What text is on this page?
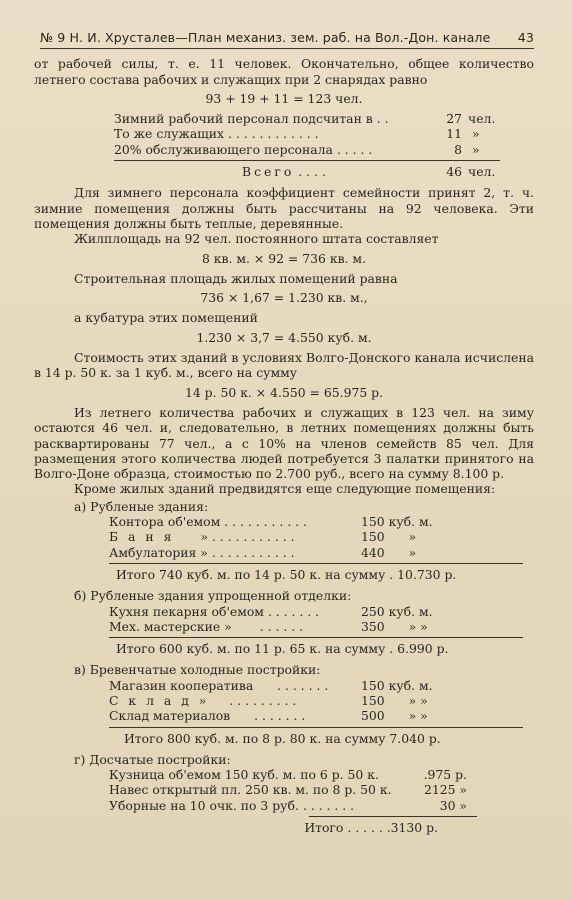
№ 9 Н. И. Хрусталев—План механиз. зем. раб. на Вол.-Дон. канале 43

от рабочей силы, т. е. 11 человек. Окончательно, общее количество летнего состава рабочих и служащих при 2 снарядах равно

93 + 19 + 11 = 123 чел.
Зимний рабочий персонал подсчитан в . .	27	чел.
То же служащих . . . . . . . . . . . .	11	»
20% обслуживающего персонала . . . . .	8	»
Всего . . . .	46	чел.

Для зимнего персонала коэффициент семейности принят 2, т. ч. зимние помещения должны быть рассчитаны на 92 человека. Эти помещения должны быть теплые, деревянные.

Жилплощадь на 92 чел. постоянного штата составляет

8 кв. м. × 92 = 736 кв. м.

Строительная площадь жилых помещений равна

736 × 1,67 = 1.230 кв. м.,

а кубатура этих помещений

1.230 × 3,7 = 4.550 куб. м.

Стоимость этих зданий в условиях Волго-Донского канала исчислена в 14 р. 50 к. за 1 куб. м., всего на сумму

14 р. 50 к. × 4.550 = 65.975 р.

Из летнего количества рабочих и служащих в 123 чел. на зиму остаются 46 чел. и, следовательно, в летних помещениях должны быть расквартированы 77 чел., а с 10% на членов семейств 85 чел. Для размещения этого количества людей потребуется 3 палатки принятого на Волго-Доне образца, стоимостью по 2.700 руб., всего на сумму 8.100 р.

Кроме жилых зданий предвидятся еще следующие помещения:

а) Рубленые здания:
Контора об'емом . . . . . . . . . . .	150 куб. м.
Б а н я » . . . . . . . . . . .	150 »
Амбулатория » . . . . . . . . . . .	440 »
Итого 740 куб. м. по 14 р. 50 к. на сумму . 10.730 р.
б) Рубленые здания упрощенной отделки:
Кухня пекарня об'емом . . . . . . .	250 куб. м.
Мех. мастерские » . . . . . .	350 » »
Итого 600 куб. м. по 11 р. 65 к. на сумму . 6.990 р.
в) Бревенчатые холодные постройки:
Магазин кооператива . . . . . . .	150 куб. м.
С к л а д » . . . . . . . . .	150 » »
Склад материалов . . . . . . .	500 » »
Итого 800 куб. м. по 8 р. 80 к. на сумму 7.040 р.
г) Досчатые постройки:
Кузница об'емом 150 куб. м. по 6 р. 50 к.	.975 р.
Навес открытый пл. 250 кв. м. по 8 р. 50 к.	2125 »
Уборные на 10 очк. по 3 руб. . . . . . . .	30 »
Итого . . . . . .3130 р.
